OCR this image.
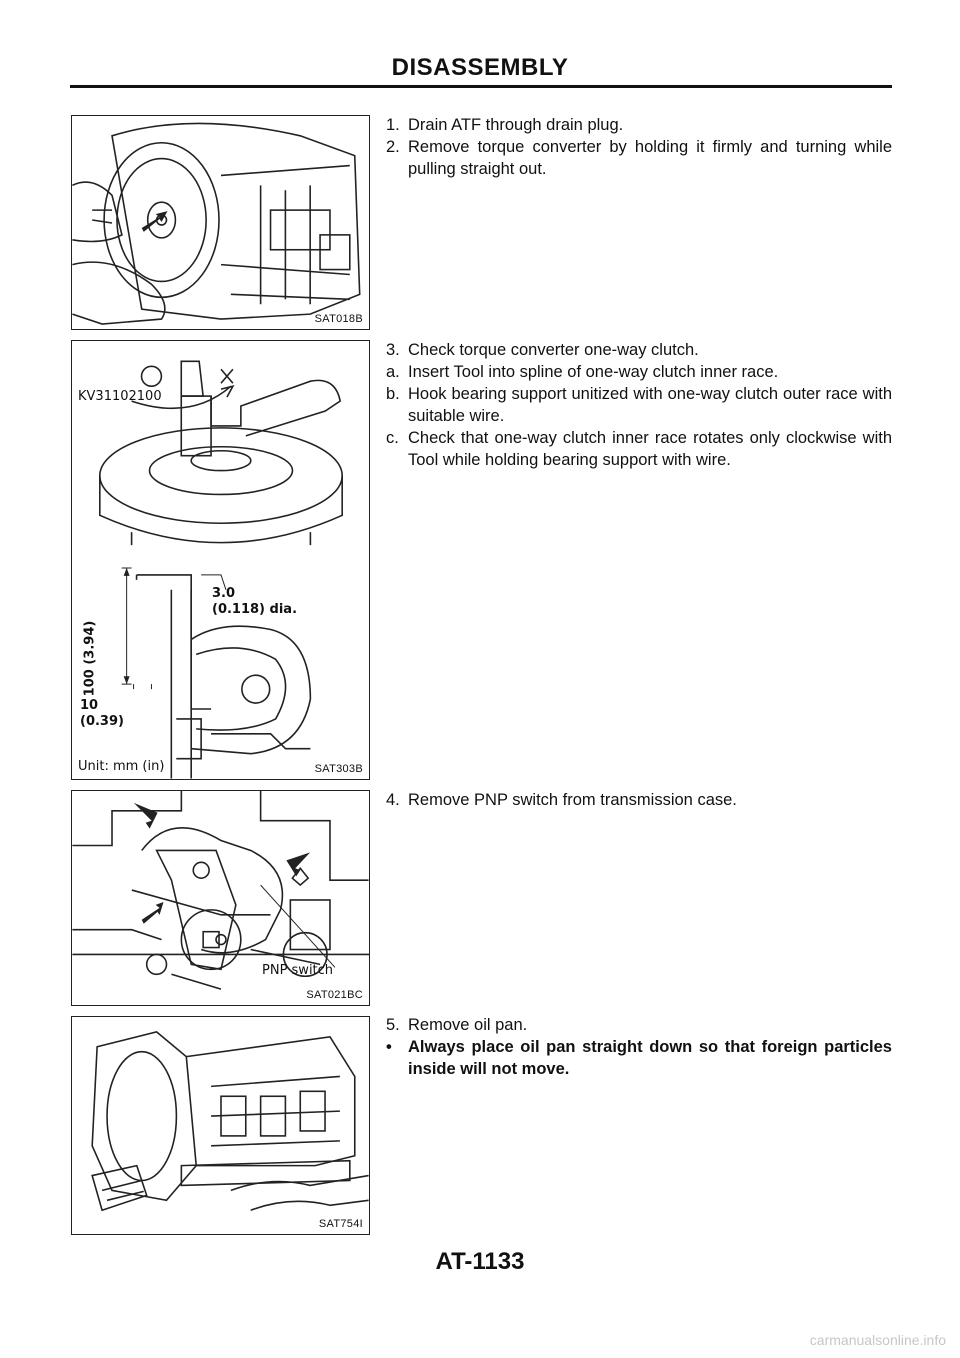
DISASSEMBLY
SAT018B
KV31102100
3.0
(0.118) dia.
100 (3.94)
10
(0.39)
Unit: mm (in)	SAT303B
PNP switch
SAT021BC
SAT754I
1. Drain ATF through drain plug.
2. Remove torque converter by holding it firmly and turning while pulling straight out.
3. Check torque converter one-way clutch.
a. Insert Tool into spline of one-way clutch inner race.
b. Hook bearing support unitized with one-way clutch outer race with suitable wire.
c. Check that one-way clutch inner race rotates only clockwise with Tool while holding bearing support with wire.
4. Remove PNP switch from transmission case.
5. Remove oil pan.
• Always place oil pan straight down so that foreign particles inside will not move.
AT-1133
carmanualsonline.info
